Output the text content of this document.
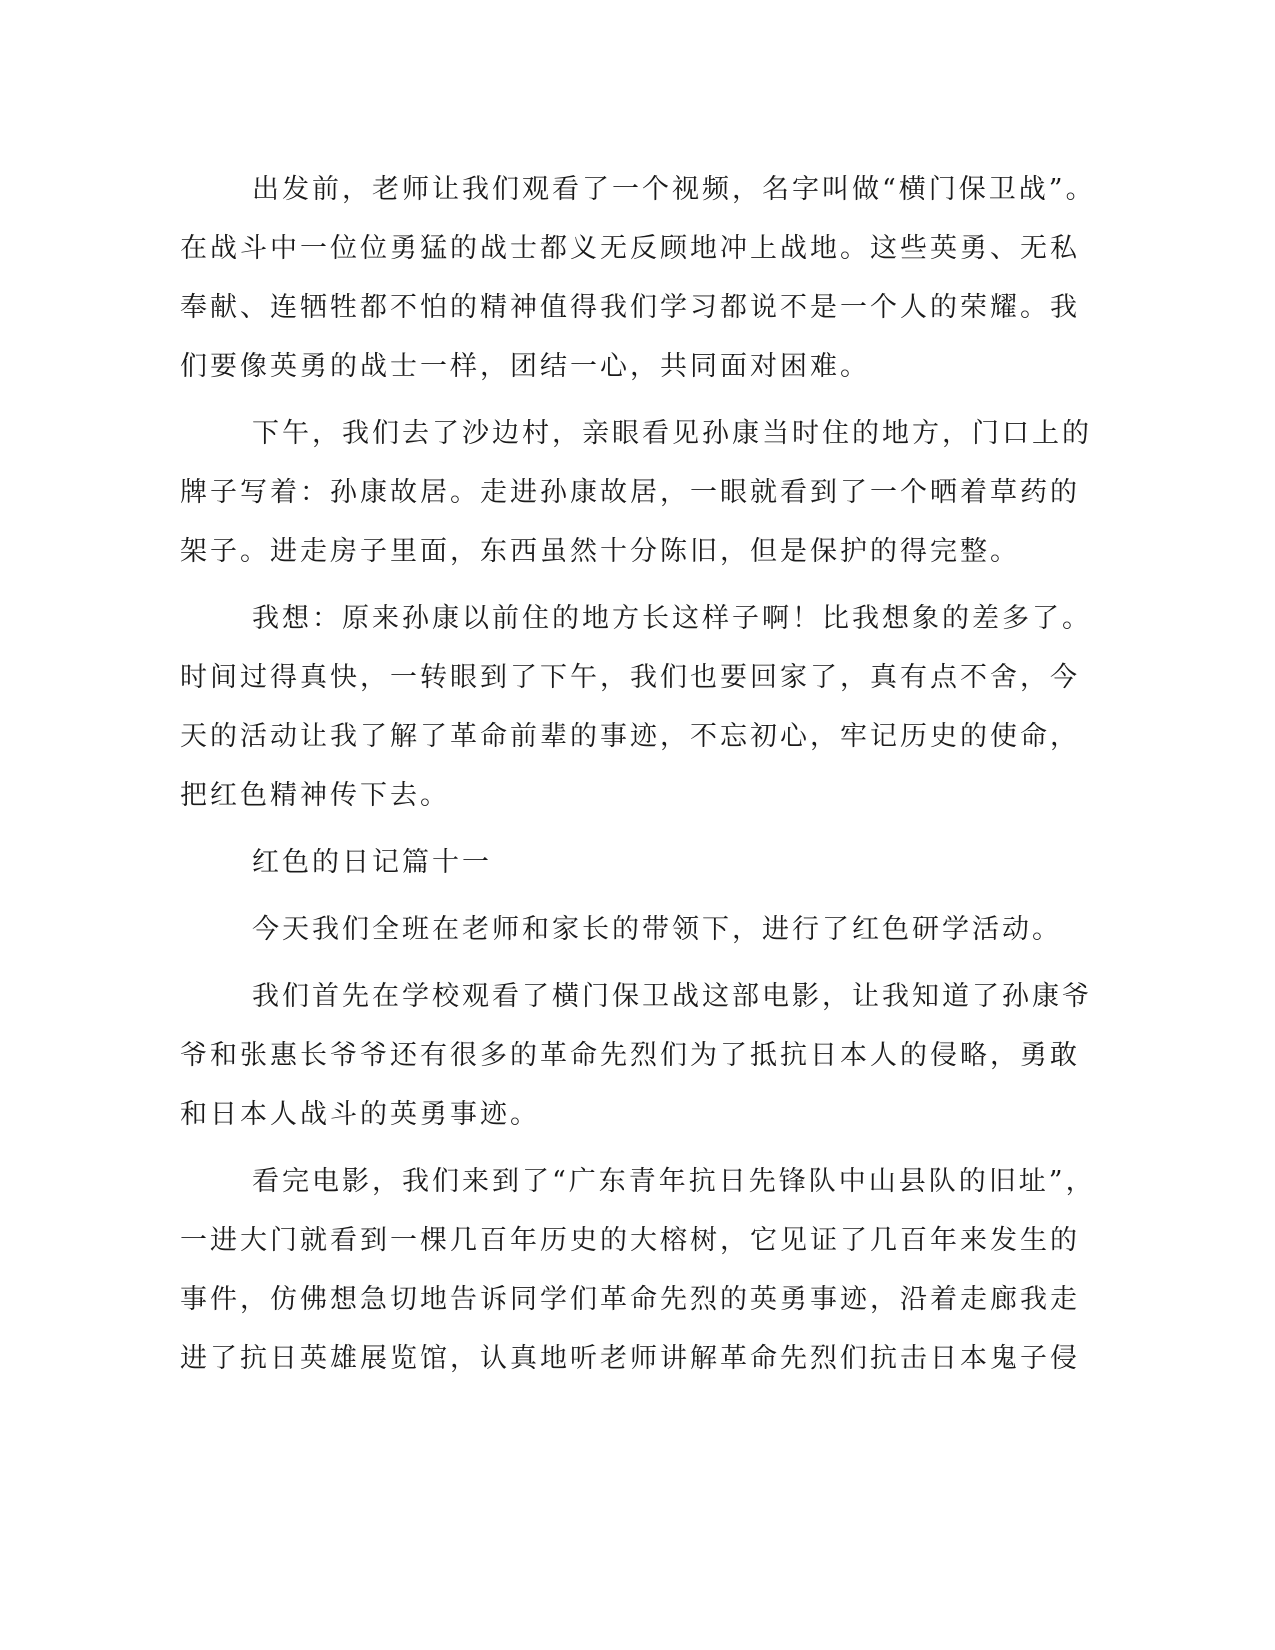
出发前，老师让我们观看了一个视频，名字叫做“横门保卫战”。
在战斗中一位位勇猛的战士都义无反顾地冲上战地。这些英勇、无私
奉献、连牺牲都不怕的精神值得我们学习都说不是一个人的荣耀。我
们要像英勇的战士一样，团结一心，共同面对困难。
下午，我们去了沙边村，亲眼看见孙康当时住的地方，门口上的
牌子写着：孙康故居。走进孙康故居，一眼就看到了一个晒着草药的
架子。进走房子里面，东西虽然十分陈旧，但是保护的得完整。
我想：原来孙康以前住的地方长这样子啊！比我想象的差多了。
时间过得真快，一转眼到了下午，我们也要回家了，真有点不舍，今
天的活动让我了解了革命前辈的事迹，不忘初心，牢记历史的使命，
把红色精神传下去。
红色的日记篇十一
今天我们全班在老师和家长的带领下，进行了红色研学活动。
我们首先在学校观看了横门保卫战这部电影，让我知道了孙康爷
爷和张惠长爷爷还有很多的革命先烈们为了抵抗日本人的侵略，勇敢
和日本人战斗的英勇事迹。
看完电影，我们来到了“广东青年抗日先锋队中山县队的旧址”，
一进大门就看到一棵几百年历史的大榕树，它见证了几百年来发生的
事件，仿佛想急切地告诉同学们革命先烈的英勇事迹，沿着走廊我走
进了抗日英雄展览馆，认真地听老师讲解革命先烈们抗击日本鬼子侵
